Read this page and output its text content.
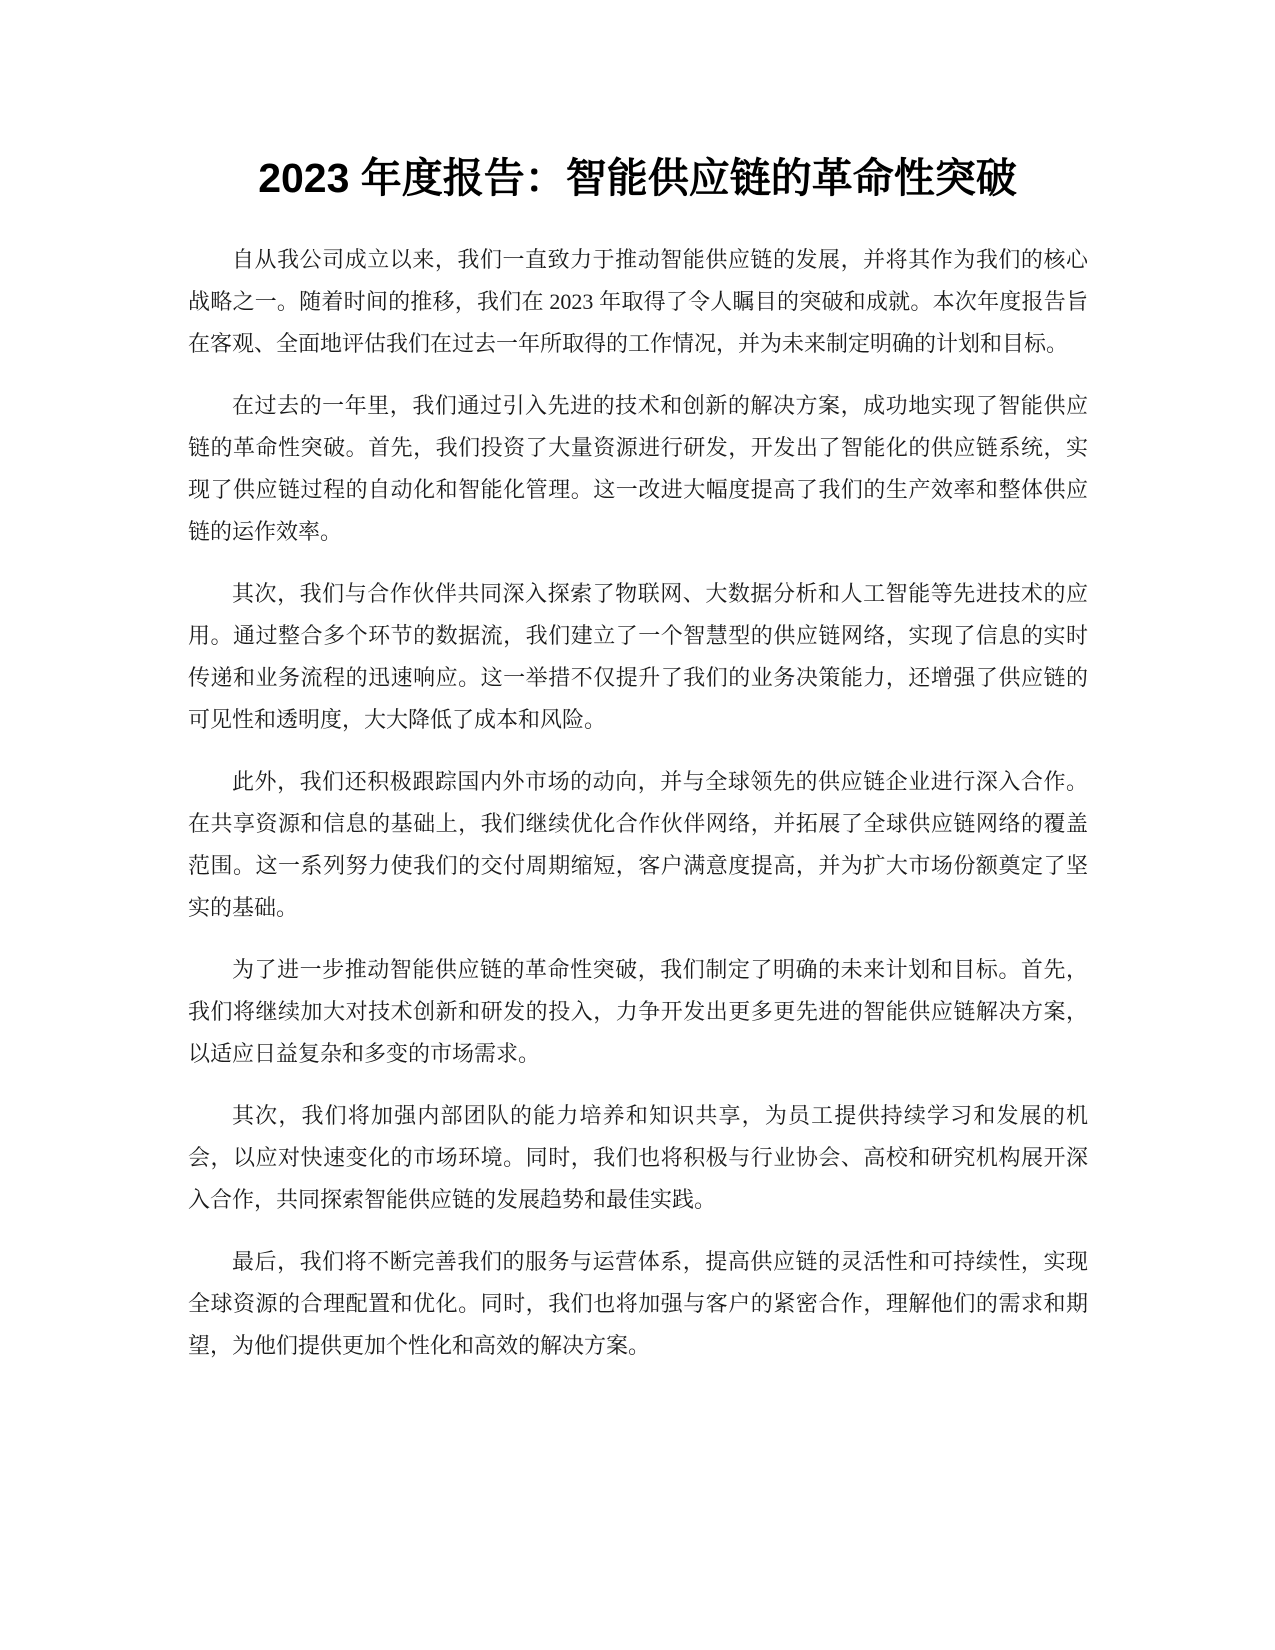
2023 年度报告：智能供应链的革命性突破

自从我公司成立以来，我们一直致力于推动智能供应链的发展，并将其作为我们的核心战略之一。随着时间的推移，我们在 2023 年取得了令人瞩目的突破和成就。本次年度报告旨在客观、全面地评估我们在过去一年所取得的工作情况，并为未来制定明确的计划和目标。

在过去的一年里，我们通过引入先进的技术和创新的解决方案，成功地实现了智能供应链的革命性突破。首先，我们投资了大量资源进行研发，开发出了智能化的供应链系统，实现了供应链过程的自动化和智能化管理。这一改进大幅度提高了我们的生产效率和整体供应链的运作效率。

其次，我们与合作伙伴共同深入探索了物联网、大数据分析和人工智能等先进技术的应用。通过整合多个环节的数据流，我们建立了一个智慧型的供应链网络，实现了信息的实时传递和业务流程的迅速响应。这一举措不仅提升了我们的业务决策能力，还增强了供应链的可见性和透明度，大大降低了成本和风险。

此外，我们还积极跟踪国内外市场的动向，并与全球领先的供应链企业进行深入合作。在共享资源和信息的基础上，我们继续优化合作伙伴网络，并拓展了全球供应链网络的覆盖范围。这一系列努力使我们的交付周期缩短，客户满意度提高，并为扩大市场份额奠定了坚实的基础。

为了进一步推动智能供应链的革命性突破，我们制定了明确的未来计划和目标。首先，我们将继续加大对技术创新和研发的投入，力争开发出更多更先进的智能供应链解决方案，以适应日益复杂和多变的市场需求。

其次，我们将加强内部团队的能力培养和知识共享，为员工提供持续学习和发展的机会，以应对快速变化的市场环境。同时，我们也将积极与行业协会、高校和研究机构展开深入合作，共同探索智能供应链的发展趋势和最佳实践。

最后，我们将不断完善我们的服务与运营体系，提高供应链的灵活性和可持续性，实现全球资源的合理配置和优化。同时，我们也将加强与客户的紧密合作，理解他们的需求和期望，为他们提供更加个性化和高效的解决方案。
